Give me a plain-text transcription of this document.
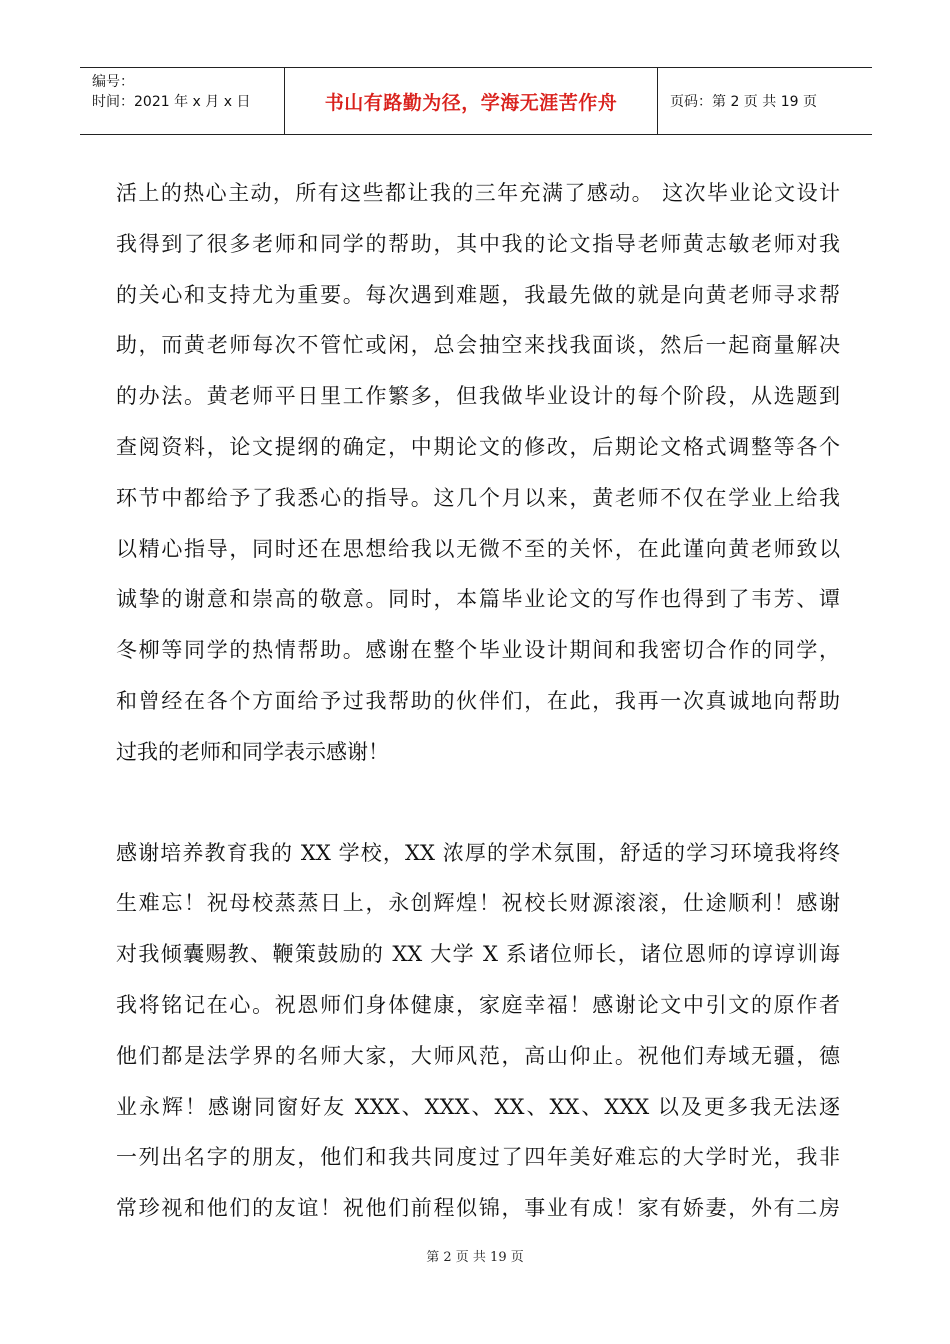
编号：
时间：2021 年 x 月 x 日	书山有路勤为径，学海无涯苦作舟	页码：第 2 页 共 19 页
活上的热心主动，所有这些都让我的三年充满了感动。 这次毕业论文设计
我得到了很多老师和同学的帮助，其中我的论文指导老师黄志敏老师对我
的关心和支持尤为重要。每次遇到难题，我最先做的就是向黄老师寻求帮
助，而黄老师每次不管忙或闲，总会抽空来找我面谈，然后一起商量解决
的办法。黄老师平日里工作繁多，但我做毕业设计的每个阶段，从选题到
查阅资料，论文提纲的确定，中期论文的修改，后期论文格式调整等各个
环节中都给予了我悉心的指导。这几个月以来，黄老师不仅在学业上给我
以精心指导，同时还在思想给我以无微不至的关怀，在此谨向黄老师致以
诚挚的谢意和崇高的敬意。同时，本篇毕业论文的写作也得到了韦芳、谭
冬柳等同学的热情帮助。感谢在整个毕业设计期间和我密切合作的同学，
和曾经在各个方面给予过我帮助的伙伴们，在此，我再一次真诚地向帮助
过我的老师和同学表示感谢！
感谢培养教育我的 XX 学校，XX 浓厚的学术氛围，舒适的学习环境我将终
生难忘！祝母校蒸蒸日上，永创辉煌！祝校长财源滚滚，仕途顺利！感谢
对我倾囊赐教、鞭策鼓励的 XX 大学 X 系诸位师长，诸位恩师的谆谆训诲
我将铭记在心。祝恩师们身体健康，家庭幸福！感谢论文中引文的原作者
他们都是法学界的名师大家，大师风范，高山仰止。祝他们寿域无疆，德
业永辉！感谢同窗好友 XXX、XXX、XX、XX、XXX 以及更多我无法逐
一列出名字的朋友，他们和我共同度过了四年美好难忘的大学时光，我非
常珍视和他们的友谊！祝他们前程似锦，事业有成！家有娇妻，外有二房
第 2 页 共 19 页
